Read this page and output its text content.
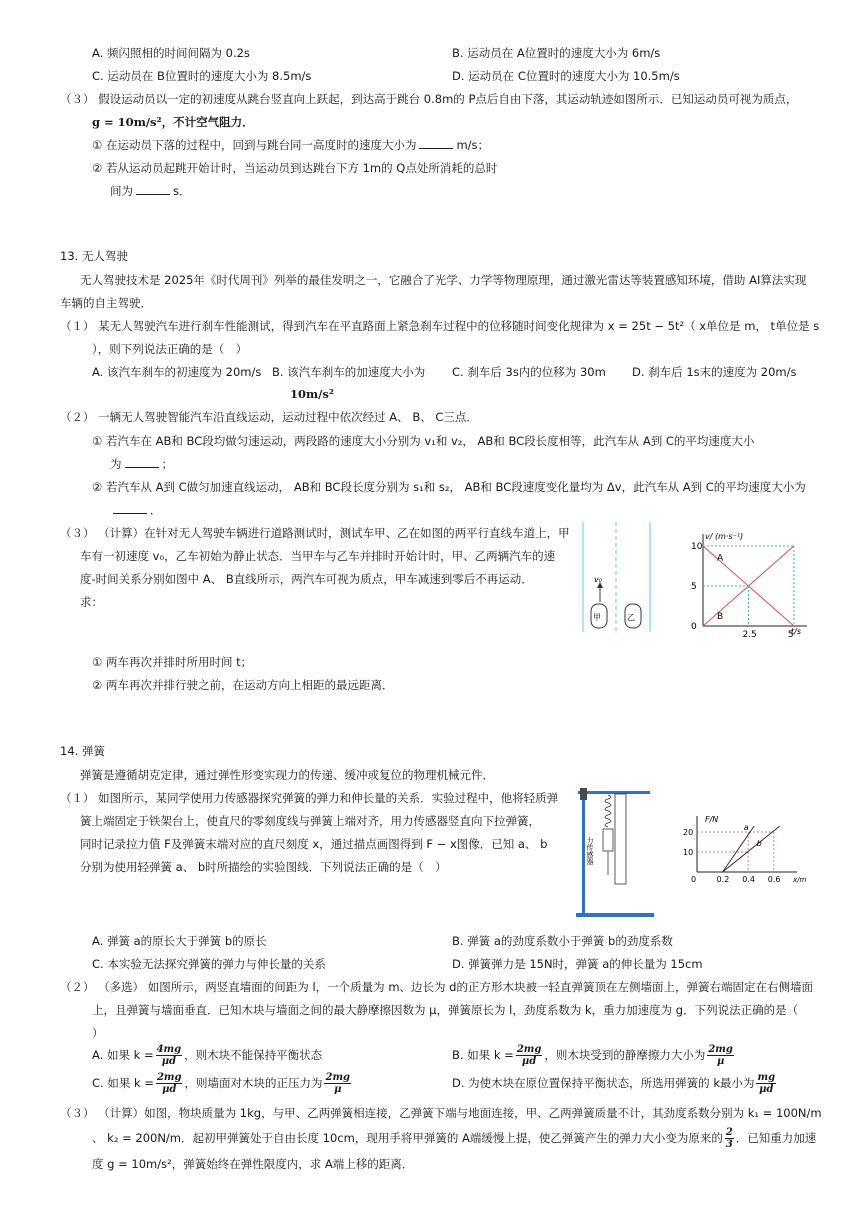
A. 频闪照相的时间间隔为 0.2s	B. 运动员在 A位置时的速度大小为 6m/s
C. 运动员在 B位置时的速度大小为 8.5m/s	D. 运动员在 C位置时的速度大小为 10.5m/s
（３） 假设运动员以一定的初速度从跳台竖直向上跃起，到达高于跳台 0.8m的 P点后自由下落，其运动轨迹如图所示．已知运动员可视为质点，
g = 10m/s²，不计空气阻力．
① 在运动员下落的过程中，回到与跳台同一高度时的速度大小为	m/s；
② 若从运动员起跳开始计时，当运动员到达跳台下方 1m的 Q点处所消耗的总时
间为	s．
13. 无人驾驶
无人驾驶技术是 2025年《时代周刊》列举的最佳发明之一，它融合了光学、力学等物理原理，通过激光雷达等装置感知环境，借助 AI算法实现
车辆的自主驾驶．
（１） 某无人驾驶汽车进行刹车性能测试，得到汽车在平直路面上紧急刹车过程中的位移随时间变化规律为 x = 25t − 5t²（ x单位是 m， t单位是 s
），则下列说法正确的是（　）
A. 该汽车刹车的初速度为 20m/s B. 该汽车刹车的加速度大小为
10m/s²
C. 刹车后 3s内的位移为 30m D. 刹车后 1s末的速度为 20m/s
（２） 一辆无人驾驶智能汽车沿直线运动，运动过程中依次经过 A、 B、 C三点．
① 若汽车在 AB和 BC段均做匀速运动，两段路的速度大小分别为 v₁和 v₂， AB和 BC段长度相等，此汽车从 A到 C的平均速度大小
为	；
② 若汽车从 A到 C做匀加速直线运动， AB和 BC段长度分别为 s₁和 s₂， AB和 BC段速度变化量均为 Δv，此汽车从 A到 C的平均速度大小为
．
（３） （计算）在针对无人驾驶车辆进行道路测试时，测试车甲、乙在如图的两平行直线车道上，甲
车有一初速度 v₀，乙车初始为静止状态．当甲车与乙车并排时开始计时，甲、乙两辆汽车的速
度-时间关系分别如图中 A、 B直线所示，两汽车可视为质点，甲车减速到零后不再运动．
求：
① 两车再次并排时所用时间 t；
② 两车再次并排行驶之前，在运动方向上相距的最远距离．
v₀
甲	乙
v/ (m·s⁻¹)
t/s
10
5
0
2.5	5
A
B
14. 弹簧
弹簧是遵循胡克定律，通过弹性形变实现力的传递、缓冲或复位的物理机械元件．
（１） 如图所示，某同学使用力传感器探究弹簧的弹力和伸长量的关系．实验过程中，他将轻质弹
簧上端固定于铁架台上，使直尺的零刻度线与弹簧上端对齐，用力传感器竖直向下拉弹簧，
同时记录拉力值 F及弹簧末端对应的直尺刻度 x，通过描点画图得到 F − x图像．已知 a、 b
分别为使用轻弹簧 a、 b时所描绘的实验图线．下列说法正确的是（　）
力传感器
F/N
x/m
20
10
0	0.2 0.4 0.6
a
b
A. 弹簧 a的原长大于弹簧 b的原长	B. 弹簧 a的劲度系数小于弹簧 b的劲度系数
C. 本实验无法探究弹簧的弹力与伸长量的关系	D. 弹簧弹力是 15N时，弹簧 a的伸长量为 15cm
（２） （多选） 如图所示，两竖直墙面的间距为 l，一个质量为 m、边长为 d的正方形木块被一轻直弹簧顶在左侧墙面上，弹簧右端固定在右侧墙面
上，且弹簧与墙面垂直．已知木块与墙面之间的最大静摩擦因数为 μ，弹簧原长为 l，劲度系数为 k，重力加速度为 g．下列说法正确的是（
）
A. 如果 $k = \frac{4mg}{\mu d}$ ，则木块不能保持平衡状态	B. 如果 $k = \frac{2mg}{\mu d}$ ，则木块受到的静摩擦力大小为 $\frac{2mg}{\mu}$
C. 如果 $k = \frac{2mg}{\mu d}$ ，则墙面对木块的正压力为 $\frac{2mg}{\mu}$	D. 为使木块在原位置保持平衡状态，所选用弹簧的 k最小为 $\frac{mg}{\mu d}$
（３） （计算）如图，物块质量为 1kg，与甲、乙两弹簧相连接，乙弹簧下端与地面连接，甲、乙两弹簧质量不计，其劲度系数分别为 k₁ = 100N/m
、 k₂ = 200N/m．起初甲弹簧处于自由长度 10cm，现用手将甲弹簧的 A端缓慢上提，使乙弹簧产生的弹力大小变为原来的 $\frac{2}{3}$ ．已知重力加速
度 g = 10m/s²，弹簧始终在弹性限度内，求 A端上移的距离．
